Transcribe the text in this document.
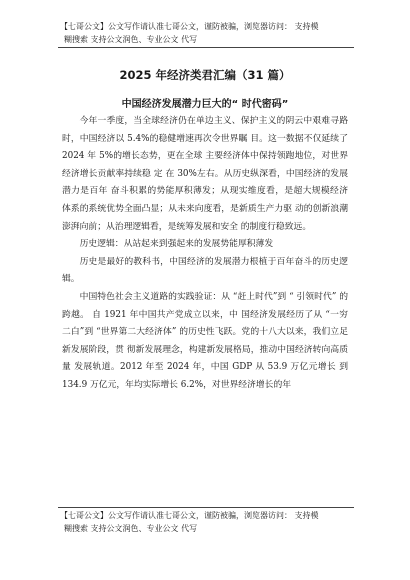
【七哥公文】公文写作请认准七哥公文，谨防被骗，浏览器访问： 支持模
糊搜索 支持公文润色、专业公文 代写
2025 年经济类君汇编（31 篇）
中国经济发展潜力巨大的“ 时代密码”

今年一季度，当全球经济仍在单边主义、保护主义的阴云中艰难寻路时，中国经济以 5.4%的稳健增速再次令世界瞩 目。这一数据不仅延续了 2024 年 5%的增长态势，更在全球 主要经济体中保持领跑地位，对世界经济增长贡献率持续稳 定 在 30%左右。从历史纵深看，中国经济的发展潜力是百年 奋斗积累的势能厚积薄发；从现实维度看，是超大规模经济 体系的系统优势全面凸显；从未来向度看，是新质生产力驱 动的创新浪潮澎湃向前；从治理逻辑看，是统筹发展和安全 的制度行稳致远。

历史逻辑：从站起来到强起来的发展势能厚积薄发

历史是最好的教科书，中国经济的发展潜力根植于百年奋斗的历史逻辑。

中国特色社会主义道路的实践验证：从 “赶上时代”到 “ 引领时代” 的跨越。 自 1921 年中国共产党成立以来，中 国经济发展经历了从 “一穷二白”到 “世界第二大经济体” 的历史性飞跃。党的十八大以来，我们立足新发展阶段，贯 彻新发展理念，构建新发展格局，推动中国经济转向高质量 发展轨道。2012 年至 2024 年，中国 GDP 从 53.9 万亿元增长 到 134.9 万亿元，年均实际增长 6.2%，对世界经济增长的年

【七哥公文】公文写作请认准七哥公文，谨防被骗，浏览器访问： 支持模
糊搜索 支持公文润色、专业公文 代写
